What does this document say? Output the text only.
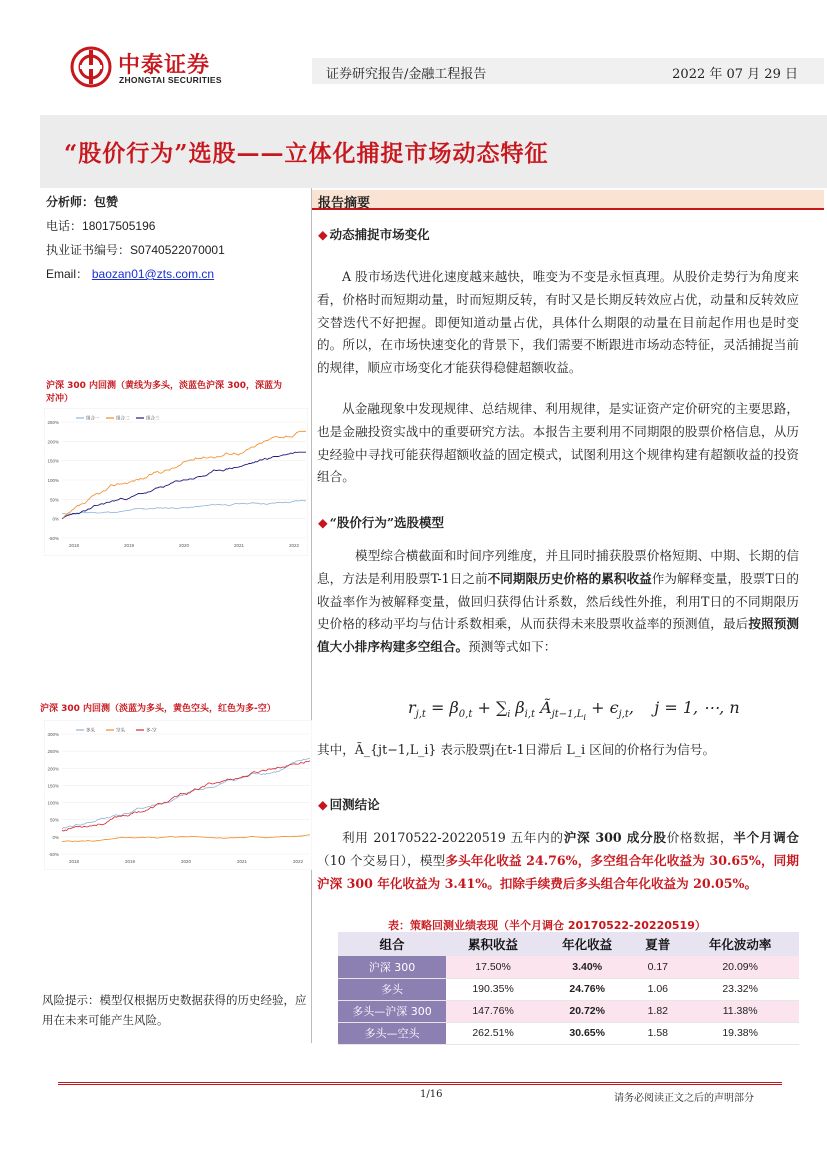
中泰证券
ZHONGTAI SECURITIES	证券研究报告/金融工程报告	2022 年 07 月 29 日
“股价行为”选股——立体化捕捉市场动态特征
分析师：包赞
电话：18017505196
执业证书编号：S0740522070001
Email： baozan01@zts.com.cn
沪深 300 内回测（黄线为多头，淡蓝色沪深 300，深蓝为对冲）
组合一	组合二	组合三
250%
200%
150%
100%
50%
0%
-50%
2018	2019	2020	2021	2022
沪深 300 内回测（淡蓝为多头，黄色空头，红色为多-空）
多头	空头	多-空
300%
250%
200%
150%
100%
50%
0%
-50%
2018	2019	2020	2021	2022
报告摘要
◆ 动态捕捉市场变化
A 股市场迭代进化速度越来越快，唯变为不变是永恒真理。从股价走势行为角度来看，价格时而短期动量，时而短期反转，有时又是长期反转效应占优，动量和反转效应交替迭代不好把握。即便知道动量占优，具体什么期限的动量在目前起作用也是时变的。所以，在市场快速变化的背景下，我们需要不断跟进市场动态特征，灵活捕捉当前的规律，顺应市场变化才能获得稳健超额收益。
从金融现象中发现规律、总结规律、利用规律，是实证资产定价研究的主要思路，也是金融投资实战中的重要研究方法。本报告主要利用不同期限的股票价格信息，从历史经验中寻找可能获得超额收益的固定模式，试图利用这个规律构建有超额收益的投资组合。
◆ “股价行为”选股模型
模型综合横截面和时间序列维度，并且同时捕获股票价格短期、中期、长期的信息，方法是利用股票T-1日之前不同期限历史价格的累积收益作为解释变量，股票T日的收益率作为被解释变量，做回归获得估计系数，然后线性外推，利用T日的不同期限历史价格的移动平均与估计系数相乘，从而获得未来股票收益率的预测值，最后按照预测值大小排序构建多空组合。预测等式如下：
$r_{j,t} = \beta_{0,t} + \sum_i$ $\beta_{i,t}$ $Ã_{jt-1,L_i} + \epsilon_{j,t}$,    j = 1, ⋯, n
其中，Ã_{jt−1,L_i} 表示股票j在t-1日滞后 L_i 区间的价格行为信号。
◆ 回测结论
利用 20170522-20220519 五年内的沪深 300 成分股价格数据，半个月调仓（10 个交易日），模型多头年化收益 24.76%，多空组合年化收益为 30.65%，同期沪深 300 年化收益为 3.41%。扣除手续费后多头组合年化收益为 20.05%。
表：策略回测业绩表现（半个月调仓 20170522-20220519）
组合	累积收益	年化收益	夏普	年化波动率
沪深 300	17.50%	3.40%	0.17	20.09%
多头	190.35%	24.76%	1.06	23.32%
多头—沪深 300	147.76%	20.72%	1.82	11.38%
多头—空头	262.51%	30.65%	1.58	19.38%
风险提示：模型仅根据历史数据获得的历史经验，应用在未来可能产生风险。
1/16	请务必阅读正文之后的声明部分
